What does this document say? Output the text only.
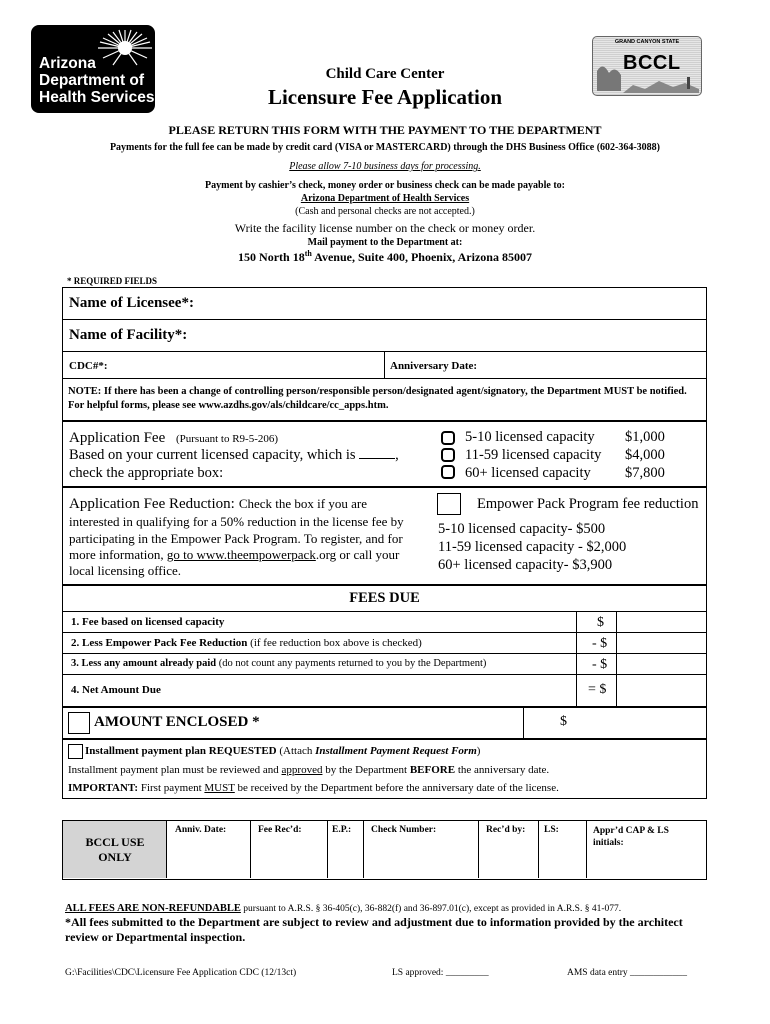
Arizona
Department of
Health Services
GRAND CANYON STATE
BCCL
Child Care Center
Licensure Fee Application
PLEASE RETURN THIS FORM WITH THE PAYMENT TO THE DEPARTMENT
Payments for the full fee can be made by credit card (VISA or MASTERCARD) through the DHS Business Office (602-364-3088)
Please allow 7-10 business days for processing.
Payment by cashier’s check, money order or business check can be made payable to:
Arizona Department of Health Services
(Cash and personal checks are not accepted.)
Write the facility license number on the check or money order.
Mail payment to the Department at:
150 North 18th Avenue, Suite 400, Phoenix, Arizona 85007
* REQUIRED FIELDS
Name of Licensee*:
Name of Facility*:
CDC#*:	Anniversary Date:
NOTE: If there has been a change of controlling person/responsible person/designated agent/signatory, the Department MUST be notified. For helpful forms, please see www.azdhs.gov/als/childcare/cc_apps.htm.
Application Fee (Pursuant to R9-5-206)
Based on your current licensed capacity, which is	,
check the appropriate box:
5-10 licensed capacity $1,000
11-59 licensed capacity $4,000
60+ licensed capacity $7,800
Application Fee Reduction: Check the box if you are
interested in qualifying for a 50% reduction in the license fee by
participating in the Empower Pack Program. To register, and for
more information, go to www.theempowerpack.org or call your
local licensing office.
Empower Pack Program fee reduction
5-10 licensed capacity- $500
11-59 licensed capacity - $2,000
60+ licensed capacity- $3,900
FEES DUE
1. Fee based on licensed capacity	$
2. Less Empower Pack Fee Reduction (if fee reduction box above is checked)	- $
3. Less any amount already paid (do not count any payments returned to you by the Department)	- $
4. Net Amount Due	= $
AMOUNT ENCLOSED *	$
Installment payment plan REQUESTED (Attach Installment Payment Request Form)
Installment payment plan must be reviewed and approved by the Department BEFORE the anniversary date.
IMPORTANT: First payment MUST be received by the Department before the anniversary date of the license.
BCCL USE
ONLY
Anniv. Date:	Fee Rec’d:	E.P.: Check Number:	Rec’d by: LS:	Appr’d CAP & LS initials:
ALL FEES ARE NON-REFUNDABLE pursuant to A.R.S. § 36-405(c), 36-882(f) and 36-897.01(c), except as provided in A.R.S. § 41-077.
*All fees submitted to the Department are subject to review and adjustment due to information provided by the architect review or Departmental inspection.
G:\Facilities\CDC\Licensure Fee Application CDC (12/13ct)	LS approved: _________	AMS data entry ____________
